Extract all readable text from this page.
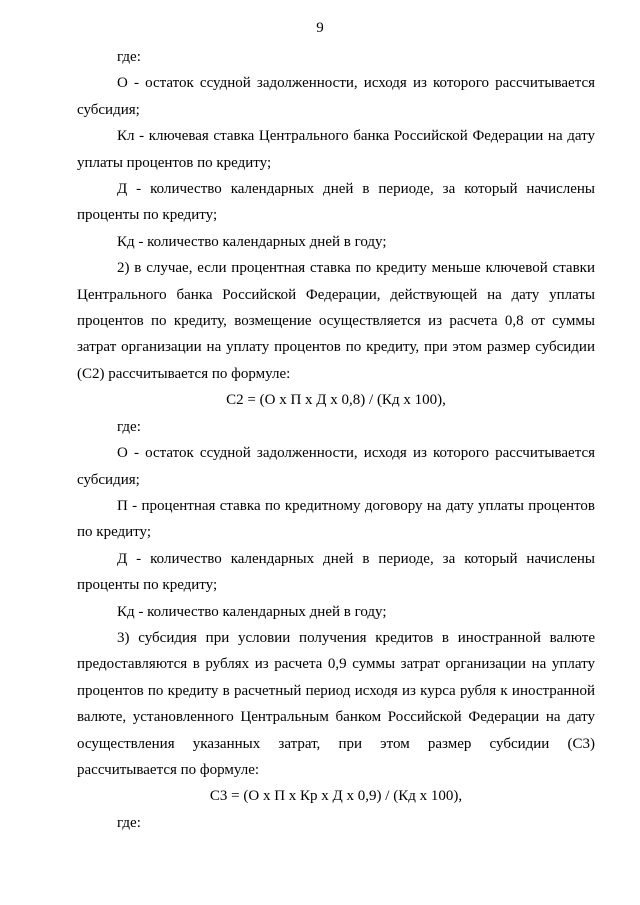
9
где:
О - остаток ссудной задолженности, исходя из которого рассчитывается
субсидия;
Кл - ключевая ставка Центрального банка Российской Федерации на дату
уплаты процентов по кредиту;
Д - количество календарных дней в периоде, за который начислены
проценты по кредиту;
Кд - количество календарных дней в году;
2) в случае, если процентная ставка по кредиту меньше ключевой ставки
Центрального банка Российской Федерации, действующей на дату уплаты
процентов по кредиту, возмещение осуществляется из расчета 0,8 от суммы
затрат организации на уплату процентов по кредиту, при этом размер субсидии
(С2) рассчитывается по формуле:
С2 = (О х П х Д х 0,8) / (Кд х 100),
где:
О - остаток ссудной задолженности, исходя из которого рассчитывается
субсидия;
П - процентная ставка по кредитному договору на дату уплаты процентов
по кредиту;
Д - количество календарных дней в периоде, за который начислены
проценты по кредиту;
Кд - количество календарных дней в году;
3) субсидия при условии получения кредитов в иностранной валюте
предоставляются в рублях из расчета 0,9 суммы затрат организации на уплату
процентов по кредиту в расчетный период исходя из курса рубля к иностранной
валюте, установленного Центральным банком Российской Федерации на дату
осуществления указанных затрат, при этом размер субсидии (С3)
рассчитывается по формуле:
С3 = (О х П х Кр х Д х 0,9) / (Кд х 100),
где:
